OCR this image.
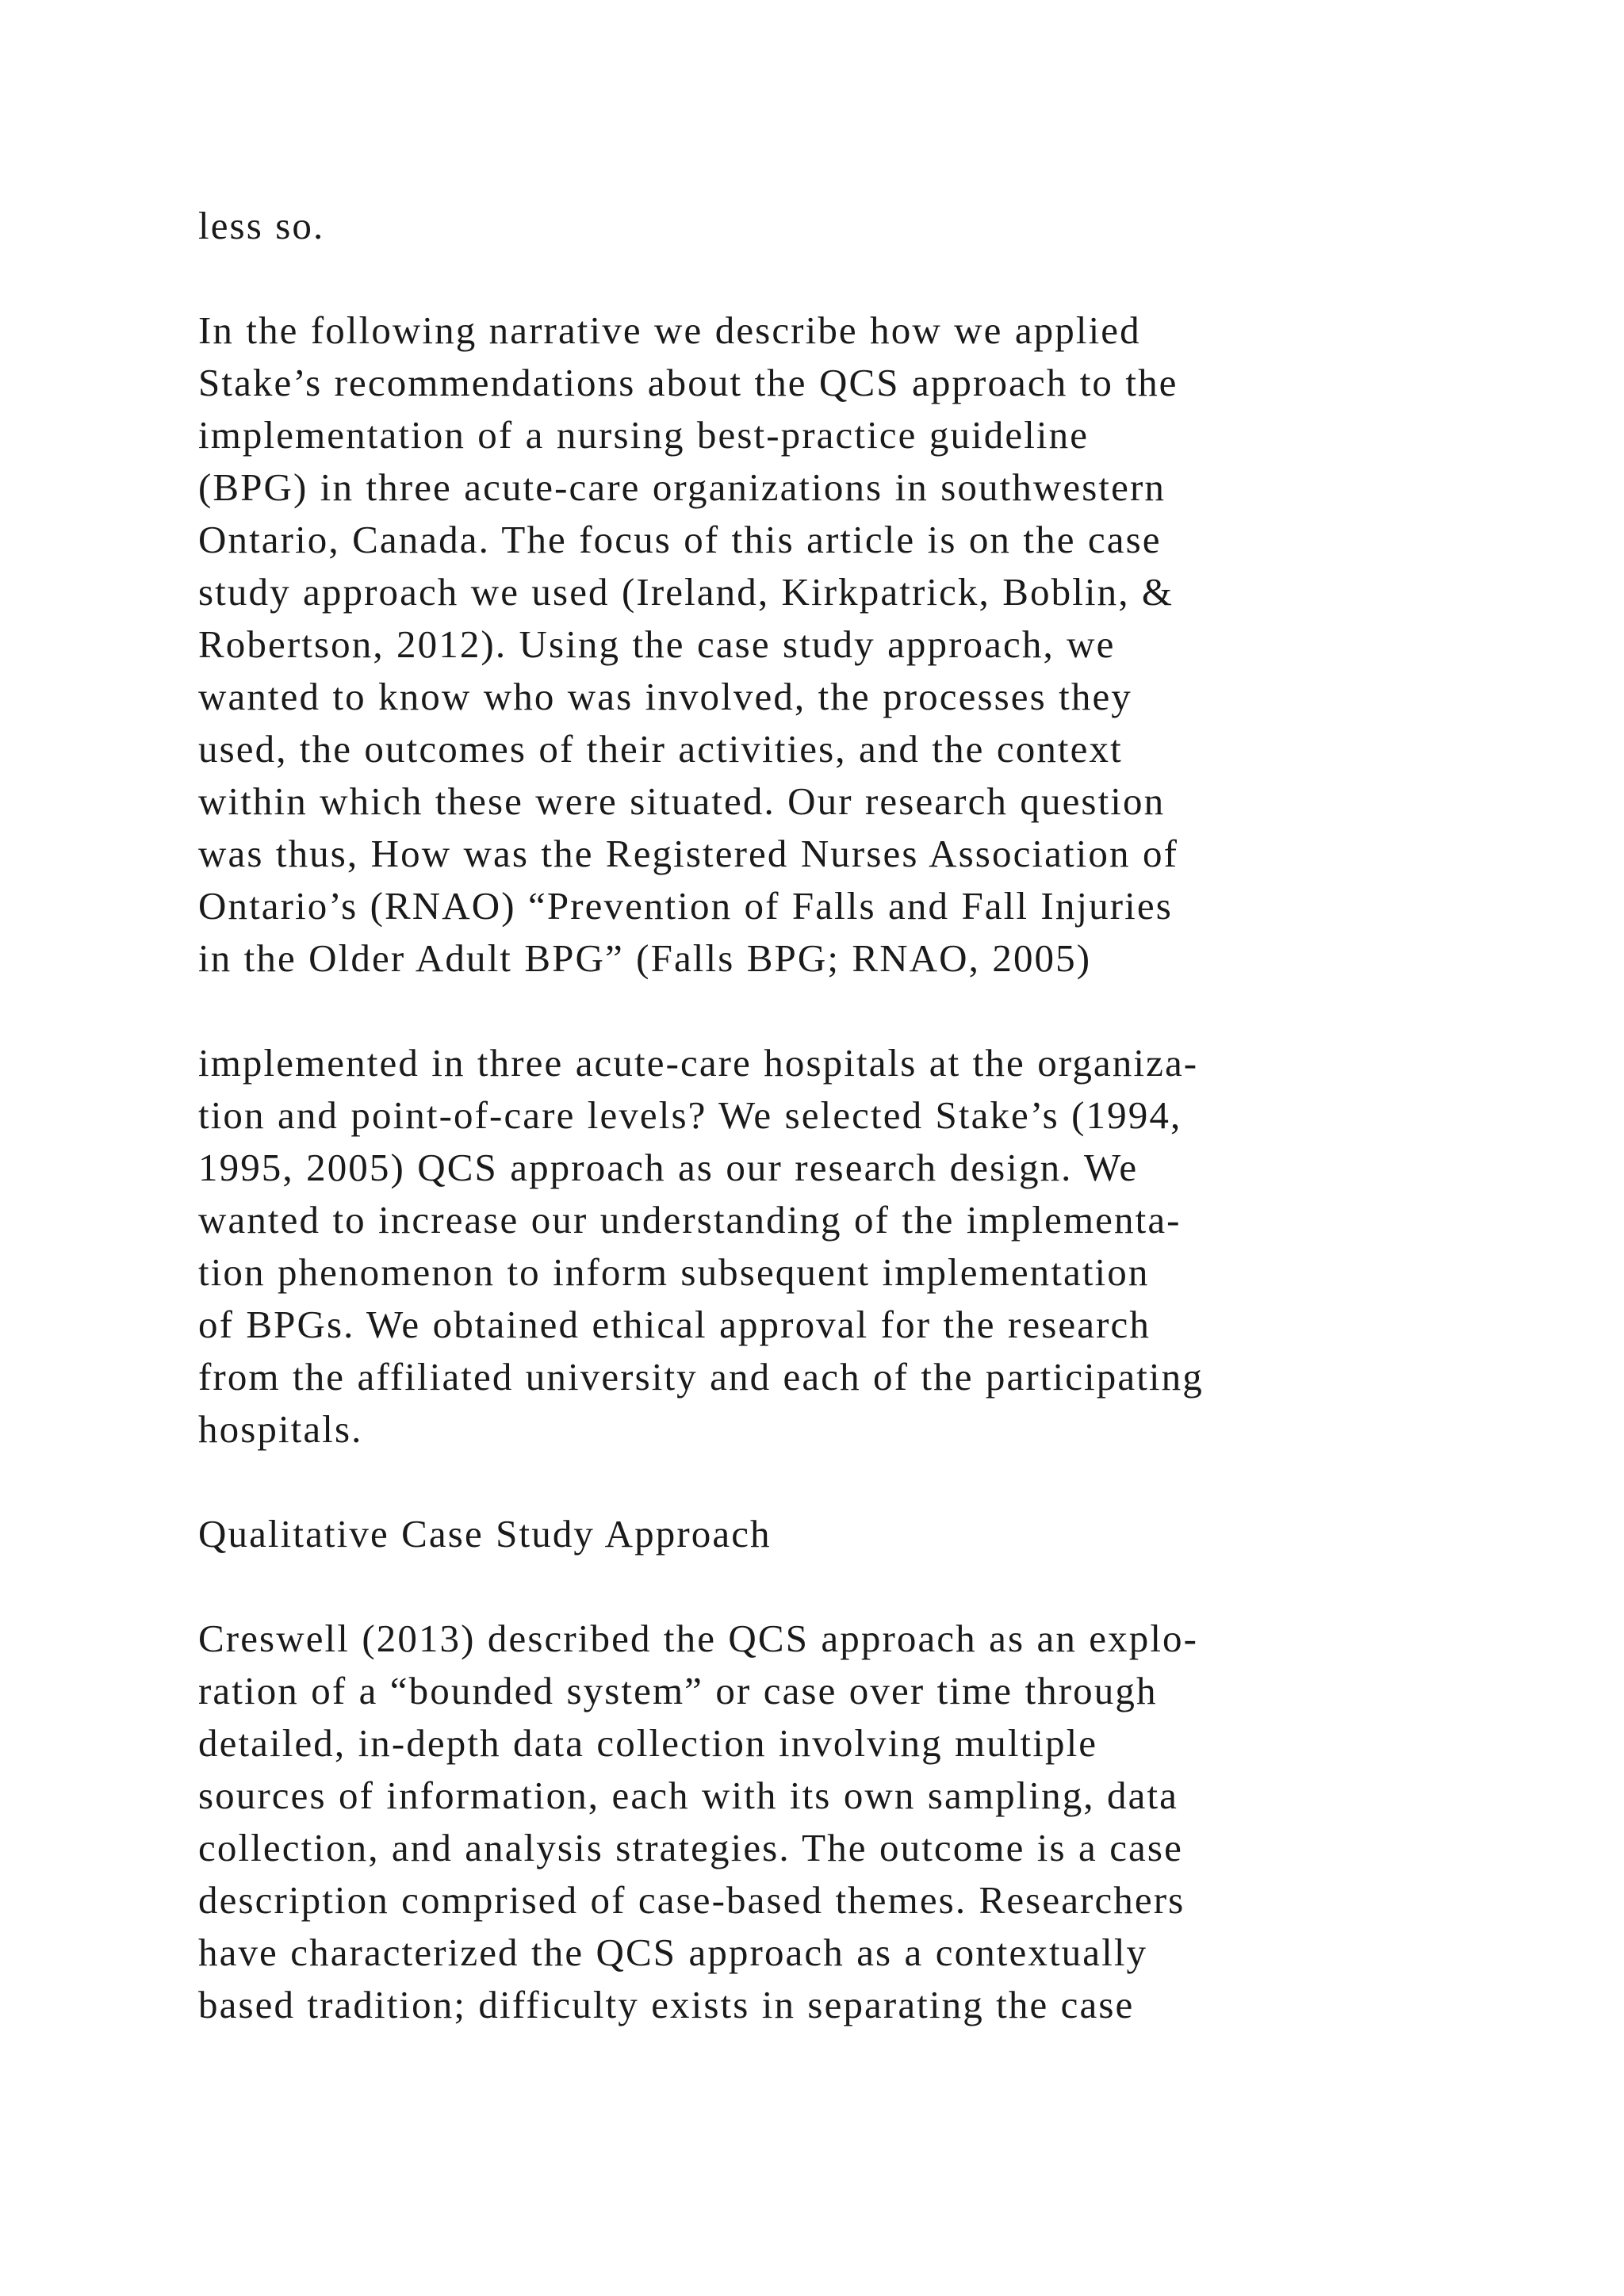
less so.
In the following narrative we describe how we applied
Stake’s recommendations about the QCS approach to the
implementation of a nursing best-practice guideline
(BPG) in three acute-care organizations in southwestern
Ontario, Canada. The focus of this article is on the case
study approach we used (Ireland, Kirkpatrick, Boblin, &
Robertson, 2012). Using the case study approach, we
wanted to know who was involved, the processes they
used, the outcomes of their activities, and the context
within which these were situated. Our research question
was thus, How was the Registered Nurses Association of
Ontario’s (RNAO) “Prevention of Falls and Fall Injuries
in the Older Adult BPG” (Falls BPG; RNAO, 2005)
implemented in three acute-care hospitals at the organiza-
tion and point-of-care levels? We selected Stake’s (1994,
1995, 2005) QCS approach as our research design. We
wanted to increase our understanding of the implementa-
tion phenomenon to inform subsequent implementation
of BPGs. We obtained ethical approval for the research
from the affiliated university and each of the participating
hospitals.
Qualitative Case Study Approach
Creswell (2013) described the QCS approach as an explo-
ration of a “bounded system” or case over time through
detailed, in-depth data collection involving multiple
sources of information, each with its own sampling, data
collection, and analysis strategies. The outcome is a case
description comprised of case-based themes. Researchers
have characterized the QCS approach as a contextually
based tradition; difficulty exists in separating the case
